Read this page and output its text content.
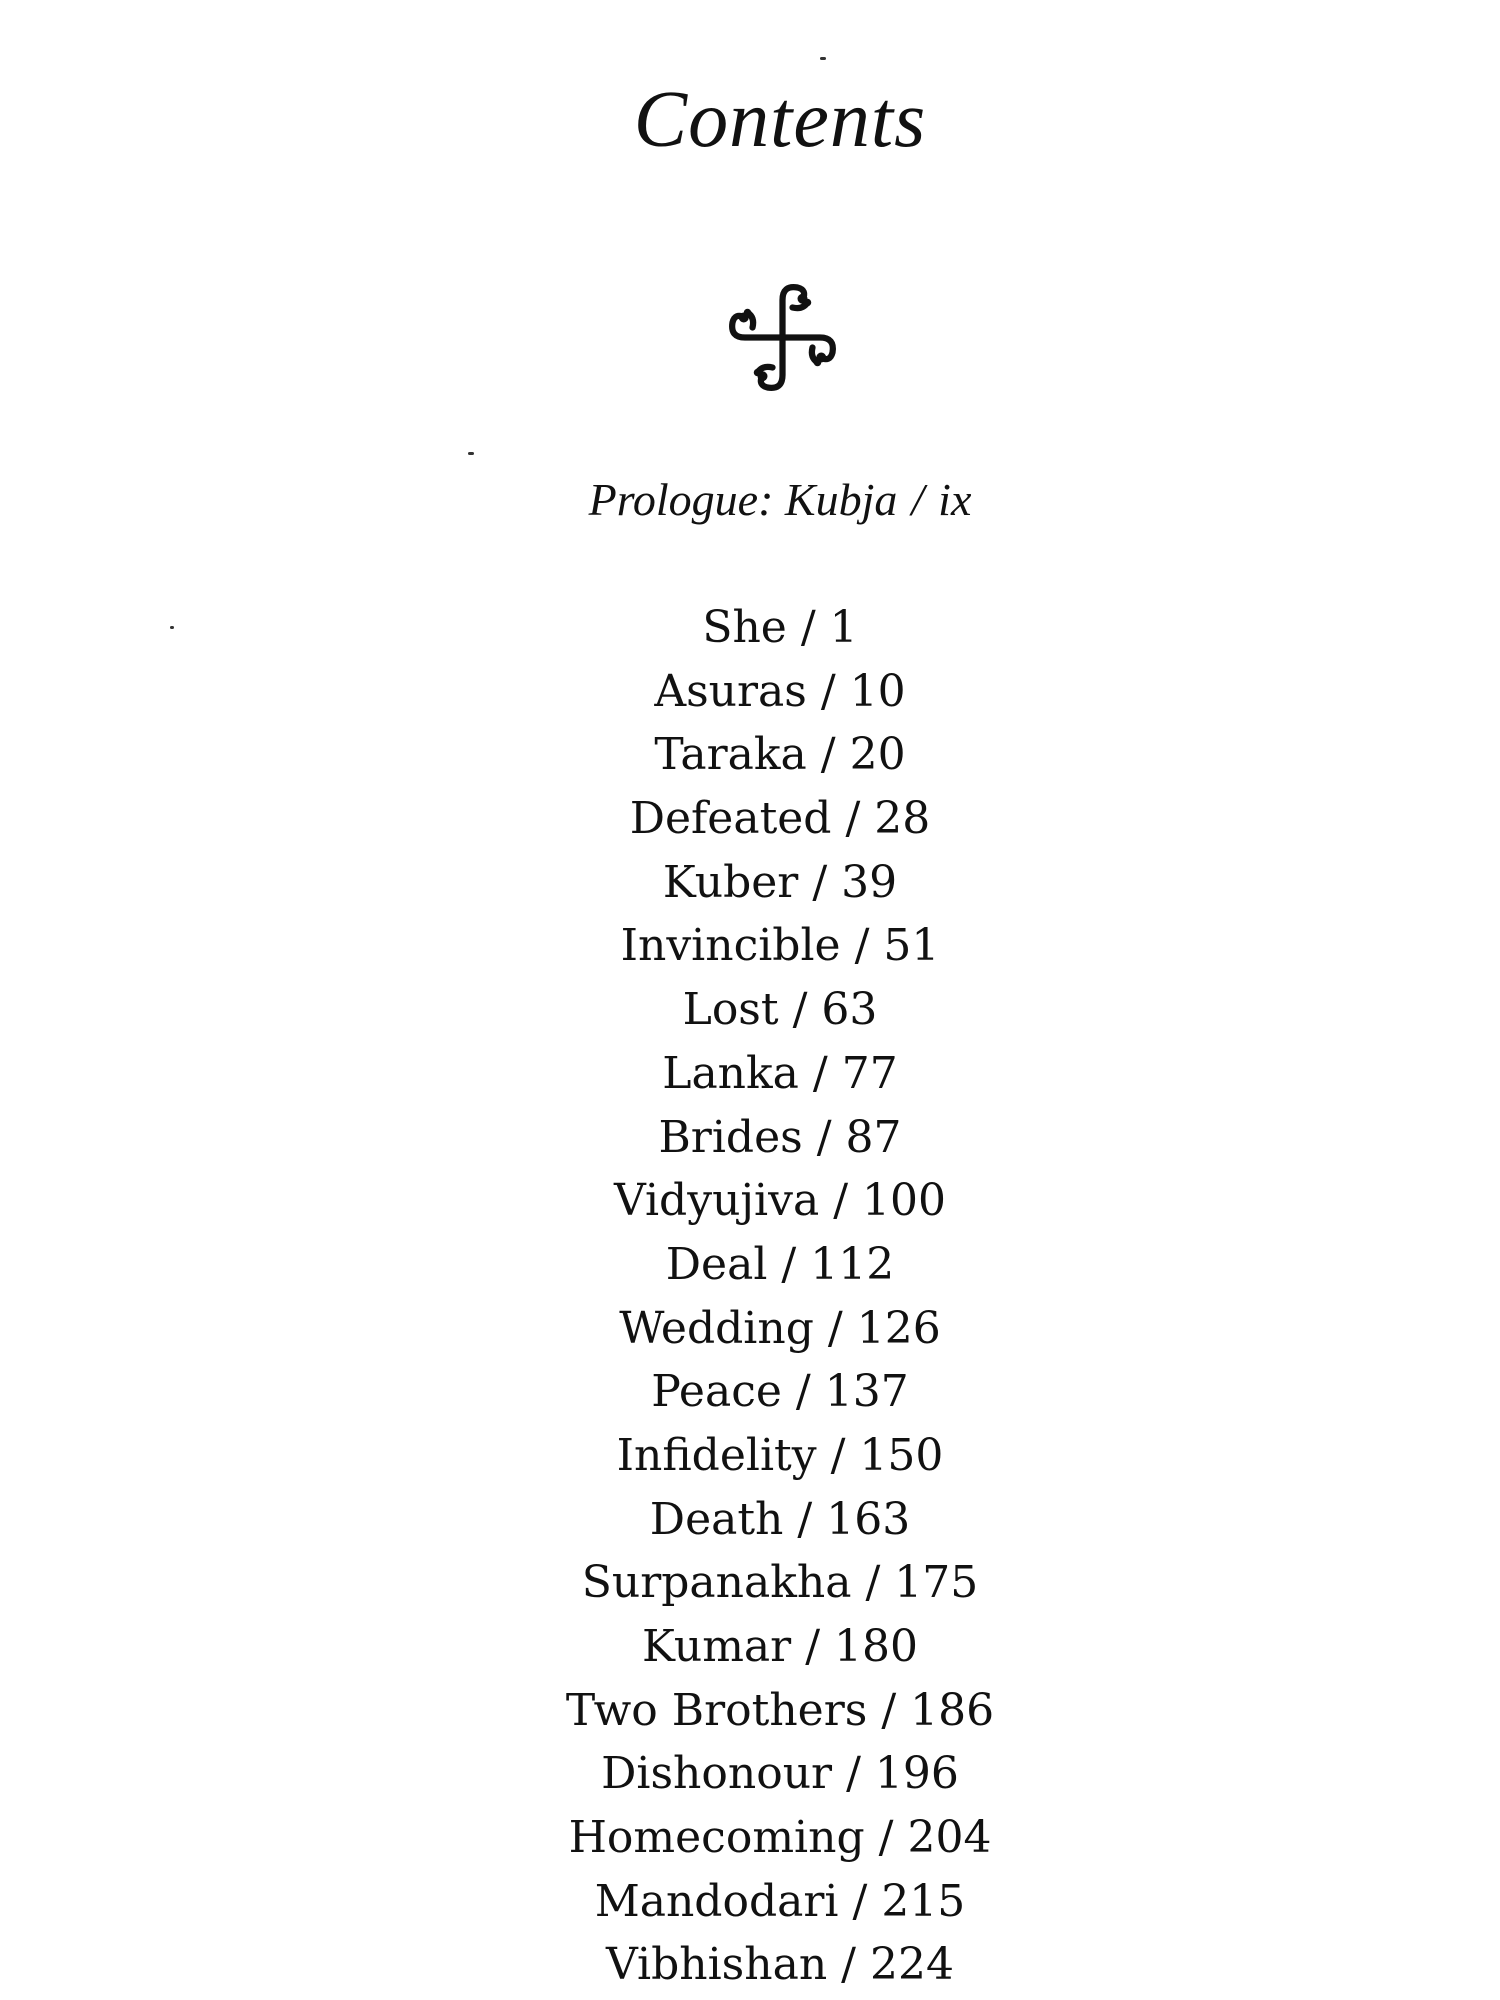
Contents
Prologue: Kubja / ix
She / 1
Asuras / 10
Taraka / 20
Defeated / 28
Kuber / 39
Invincible / 51
Lost / 63
Lanka / 77
Brides / 87
Vidyujiva / 100
Deal / 112
Wedding / 126
Peace / 137
Infidelity / 150
Death / 163
Surpanakha / 175
Kumar / 180
Two Brothers / 186
Dishonour / 196
Homecoming / 204
Mandodari / 215
Vibhishan / 224
